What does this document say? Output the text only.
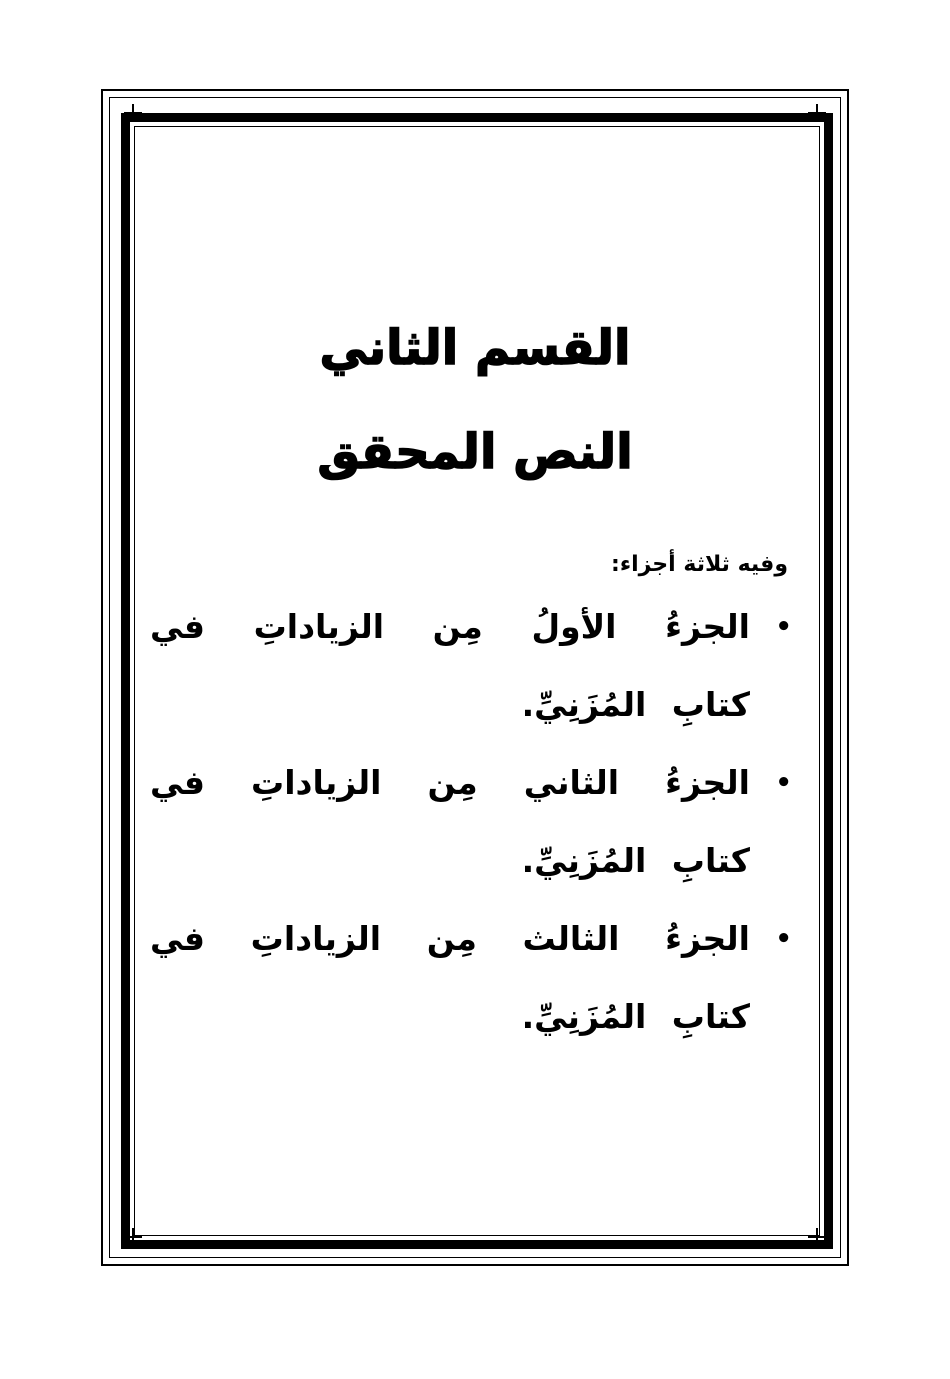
القسم الثاني
النص المحقق
وفيه ثلاثة أجزاء:
•
الجزءُ الأولُ مِن الزياداتِ في كتابِ المُزَنِيِّ.
•
الجزءُ الثاني مِن الزياداتِ في كتابِ المُزَنِيِّ.
•
الجزءُ الثالث مِن الزياداتِ في كتابِ المُزَنِيِّ.
